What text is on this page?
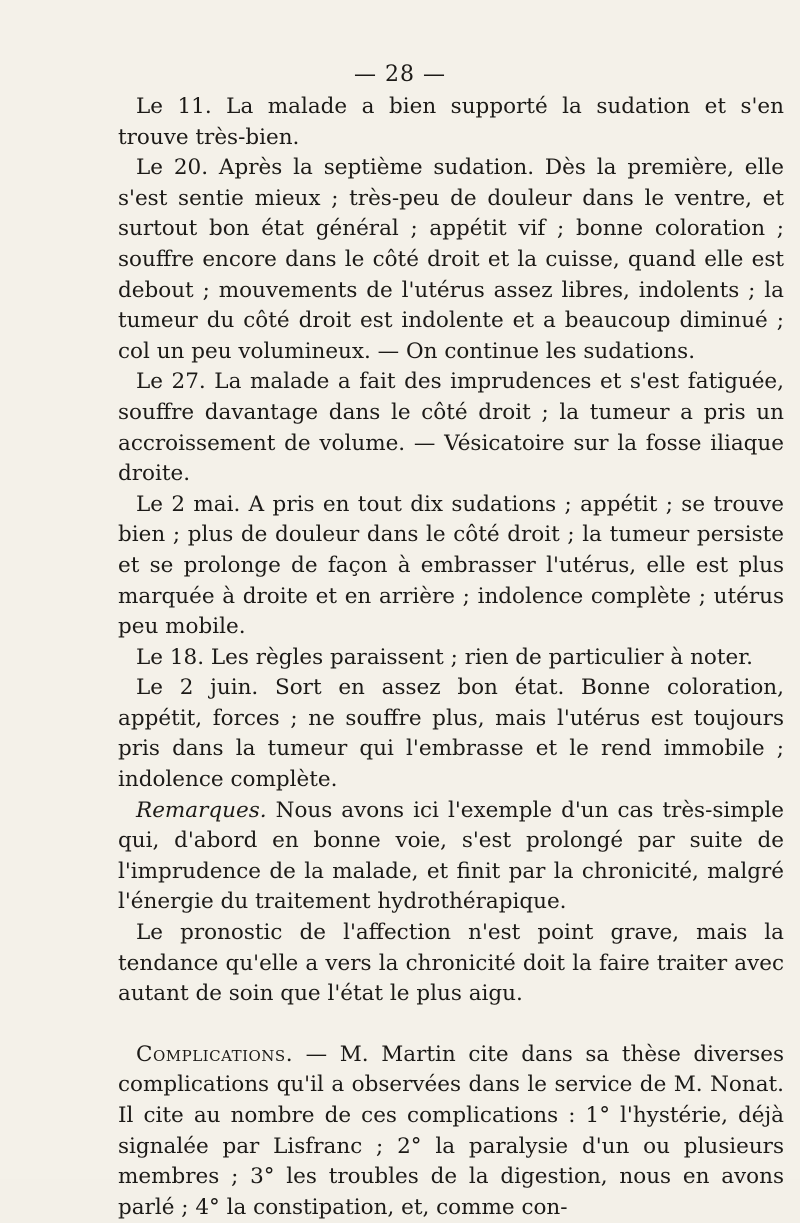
— 28 —

Le 11. La malade a bien supporté la sudation et s'en trouve très-bien.

Le 20. Après la septième sudation. Dès la première, elle s'est sentie mieux ; très-peu de douleur dans le ventre, et surtout bon état général ; appétit vif ; bonne coloration ; souffre encore dans le côté droit et la cuisse, quand elle est debout ; mouvements de l'utérus assez libres, indolents ; la tumeur du côté droit est indolente et a beaucoup diminué ; col un peu volumineux. — On continue les sudations.

Le 27. La malade a fait des imprudences et s'est fatiguée, souffre davantage dans le côté droit ; la tumeur a pris un accroissement de volume. — Vésicatoire sur la fosse iliaque droite.

Le 2 mai. A pris en tout dix sudations ; appétit ; se trouve bien ; plus de douleur dans le côté droit ; la tumeur persiste et se prolonge de façon à embrasser l'utérus, elle est plus marquée à droite et en arrière ; indolence complète ; utérus peu mobile.

Le 18. Les règles paraissent ; rien de particulier à noter.

Le 2 juin. Sort en assez bon état. Bonne coloration, appétit, forces ; ne souffre plus, mais l'utérus est toujours pris dans la tumeur qui l'embrasse et le rend immobile ; indolence complète.

Remarques. Nous avons ici l'exemple d'un cas très-simple qui, d'abord en bonne voie, s'est prolongé par suite de l'imprudence de la malade, et finit par la chronicité, malgré l'énergie du traitement hydrothérapique.

Le pronostic de l'affection n'est point grave, mais la tendance qu'elle a vers la chronicité doit la faire traiter avec autant de soin que l'état le plus aigu.

Complications. — M. Martin cite dans sa thèse diverses complications qu'il a observées dans le service de M. Nonat. Il cite au nombre de ces complications : 1° l'hystérie, déjà signalée par Lisfranc ; 2° la paralysie d'un ou plusieurs membres ; 3° les troubles de la digestion, nous en avons parlé ; 4° la constipation, et, comme con-
